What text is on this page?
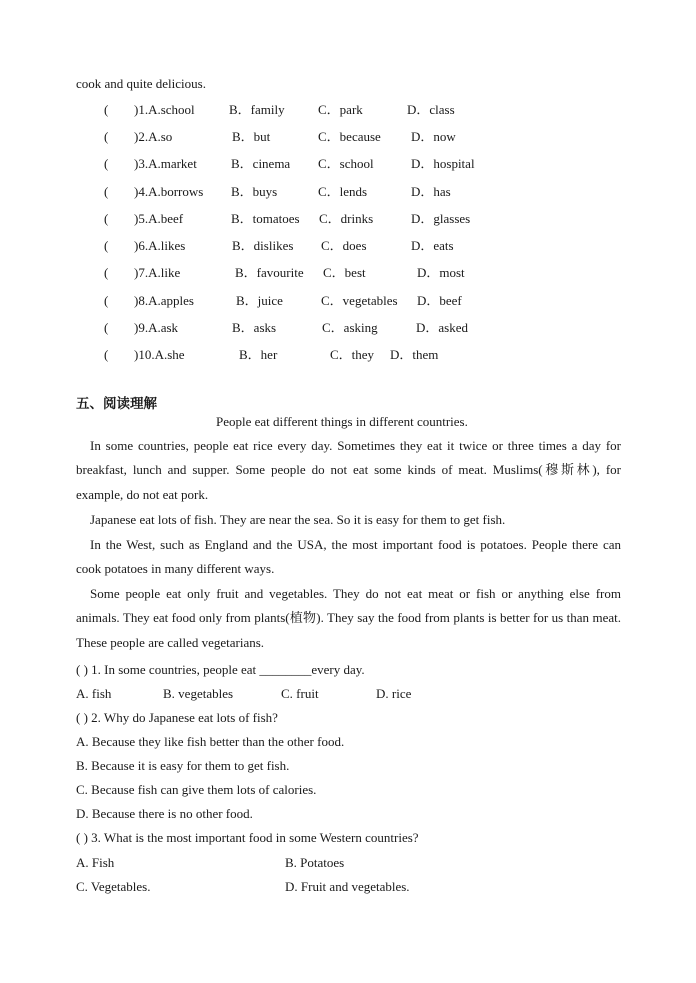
cook and quite delicious.
( )1.A.school	B．family	C．park	D．class
( )2.A.so	B．but	C．because D．now
( )3.A.market	B．cinema C．school	D．hospital
( )4.A.borrows B．buys	C．lends	D．has
( )5.A.beef	B．tomatoes C．drinks	D．glasses
( )6.A.likes	B．dislikes C．does	D．eats
( )7.A.like	B．favourite C．best	D．most
( )8.A.apples	B．juice	C．vegetables D．beef
( )9.A.ask	B．asks	C．asking	D．asked
( )10.A.she	B．her	C．they D．them
五、阅读理解
People eat different things in different countries.
In some countries, people eat rice every day. Sometimes they eat it twice or three times a day for breakfast, lunch and supper. Some people do not eat some kinds of meat. Muslims(穆斯林), for example, do not eat pork.
Japanese eat lots of fish. They are near the sea. So it is easy for them to get fish.
In the West, such as England and the USA, the most important food is potatoes. People there can cook potatoes in many different ways.
Some people eat only fruit and vegetables. They do not eat meat or fish or anything else from animals. They eat food only from plants(植物). They say the food from plants is better for us than meat. These people are called vegetarians.
( ) 1. In some countries, people eat ________every day.
A. fish	B. vegetables	C. fruit	D. rice
( ) 2. Why do Japanese eat lots of fish?
A. Because they like fish better than the other food.
B. Because it is easy for them to get fish.
C. Because fish can give them lots of calories.
D. Because there is no other food.
( ) 3. What is the most important food in some Western countries?
A. Fish	B. Potatoes
C. Vegetables.	D. Fruit and vegetables.
